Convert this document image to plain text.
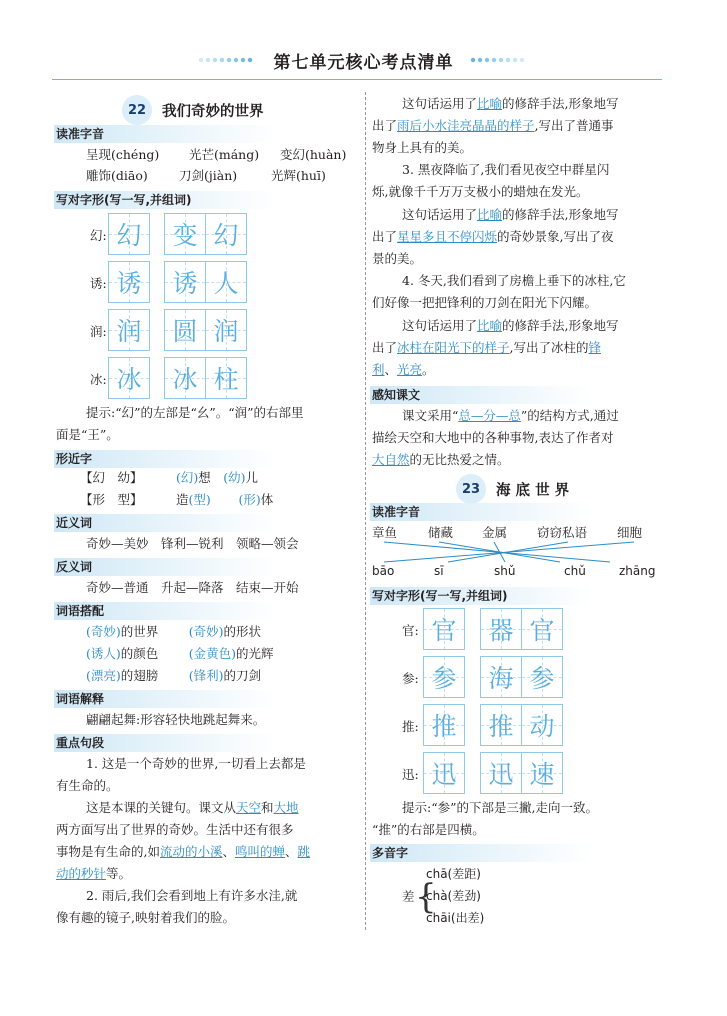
第七单元核心考点清单
22	我们奇妙的世界
读准字音
呈现(chéng) 光芒(máng) 变幻(huàn)
雕饰(diāo)	刀剑(jiàn)	光辉(huī)
写对字形(写一写,并组词)
幻: 幻	变 幻
诱: 诱	诱 人
润: 润	圆 润
冰: 冰	冰 柱
提示:“幻”的左部是“幺”。“润”的右部里
面是“王”。
形近字
【幻　幼】	(幻)想 (幼)儿
【形　型】	造(型) (形)体
近义词
奇妙—美妙　锋利—锐利　领略—领会
反义词
奇妙—普通　升起—降落　结束—开始
词语搭配
(奇妙)的世界 (奇妙)的形状
(诱人)的颜色 (金黄色)的光辉
(漂亮)的翅膀 (锋利)的刀剑
词语解释
翩翩起舞:形容轻快地跳起舞来。
重点句段
1. 这是一个奇妙的世界,一切看上去都是
有生命的。
这是本课的关键句。课文从天空和大地
两方面写出了世界的奇妙。生活中还有很多
事物是有生命的,如流动的小溪、鸣叫的蝉、跳
动的秒针等。
2. 雨后,我们会看到地上有许多水洼,就
像有趣的镜子,映射着我们的脸。
这句话运用了比喻的修辞手法,形象地写
出了雨后小水洼亮晶晶的样子,写出了普通事
物身上具有的美。
3. 黑夜降临了,我们看见夜空中群星闪
烁,就像千千万万支极小的蜡烛在发光。
这句话运用了比喻的修辞手法,形象地写
出了星星多且不停闪烁的奇妙景象,写出了夜
景的美。
4. 冬天,我们看到了房檐上垂下的冰柱,它
们好像一把把锋利的刀剑在阳光下闪耀。
这句话运用了比喻的修辞手法,形象地写
出了冰柱在阳光下的样子,写出了冰柱的锋
利、光亮。
感知课文
课文采用“总—分—总”的结构方式,通过
描绘天空和大地中的各种事物,表达了作者对
大自然的无比热爱之情。
23	海 底 世 界
读准字音
章鱼 储藏 金属 窃窃私语 细胞
bāo	sī	shǔ	chǔ	zhāng
写对字形(写一写,并组词)
官: 官	器 官
参: 参	海 参
推: 推	推 动
迅: 迅	迅 速
提示:“参”的下部是三撇,走向一致。
“推”的右部是四横。
多音字
差 {
chā(差距)
chà(差劲)
chāi(出差)
